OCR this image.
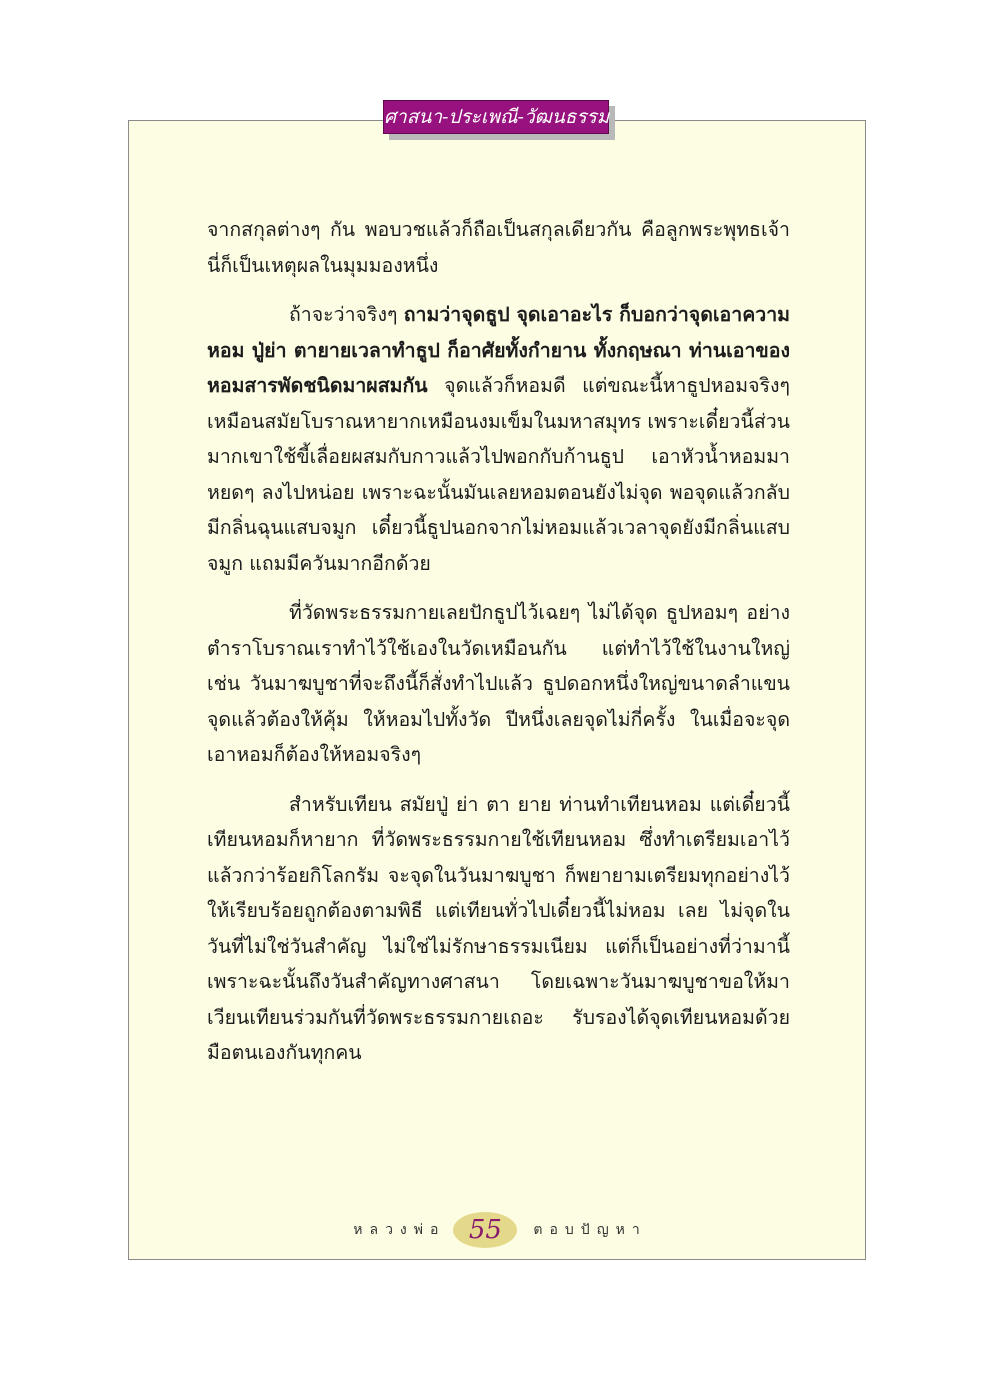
ศาสนา-ประเพณี-วัฒนธรรม

จากสกุลต่างๆ กัน พอบวชแล้วก็ถือเป็นสกุลเดียวกัน คือลูกพระพุทธเจ้า นี่ก็เป็นเหตุผลในมุมมองหนึ่ง

ถ้าจะว่าจริงๆ ถามว่าจุดธูป จุดเอาอะไร ก็บอกว่าจุดเอาความหอม ปู่ย่า ตายายเวลาทำธูป ก็อาศัยทั้งกำยาน ทั้งกฤษณา ท่านเอาของหอมสารพัดชนิดมาผสมกัน จุดแล้วก็หอมดี แต่ขณะนี้หาธูปหอมจริงๆ เหมือนสมัยโบราณหายากเหมือนงมเข็มในมหาสมุทร เพราะเดี๋ยวนี้ส่วนมากเขาใช้ขี้เลื่อยผสมกับกาวแล้วไปพอกกับก้านธูป เอาหัวน้ำหอมมาหยดๆ ลงไปหน่อย เพราะฉะนั้นมันเลยหอมตอนยังไม่จุด พอจุดแล้วกลับมีกลิ่นฉุนแสบจมูก เดี๋ยวนี้ธูปนอกจากไม่หอมแล้วเวลาจุดยังมีกลิ่นแสบจมูก แถมมีควันมากอีกด้วย

ที่วัดพระธรรมกายเลยปักธูปไว้เฉยๆ ไม่ได้จุด ธูปหอมๆ อย่างตำราโบราณเราทำไว้ใช้เองในวัดเหมือนกัน แต่ทำไว้ใช้ในงานใหญ่ เช่น วันมาฆบูชาที่จะถึงนี้ก็สั่งทำไปแล้ว ธูปดอกหนึ่งใหญ่ขนาดลำแขน จุดแล้วต้องให้คุ้ม ให้หอมไปทั้งวัด ปีหนึ่งเลยจุดไม่กี่ครั้ง ในเมื่อจะจุดเอาหอมก็ต้องให้หอมจริงๆ

สำหรับเทียน สมัยปู่ ย่า ตา ยาย ท่านทำเทียนหอม แต่เดี๋ยวนี้เทียนหอมก็หายาก ที่วัดพระธรรมกายใช้เทียนหอม ซึ่งทำเตรียมเอาไว้แล้วกว่าร้อยกิโลกรัม จะจุดในวันมาฆบูชา ก็พยายามเตรียมทุกอย่างไว้ให้เรียบร้อยถูกต้องตามพิธี แต่เทียนทั่วไปเดี๋ยวนี้ไม่หอม เลย ไม่จุดในวันที่ไม่ใช่วันสำคัญ ไม่ใช่ไม่รักษาธรรมเนียม แต่ก็เป็นอย่างที่ว่ามานี้ เพราะฉะนั้นถึงวันสำคัญทางศาสนา โดยเฉพาะวันมาฆบูชาขอให้มาเวียนเทียนร่วมกันที่วัดพระธรรมกายเถอะ รับรองได้จุดเทียนหอมด้วยมือตนเองกันทุกคน

หลวงพ่อ 55 ตอบปัญหา
